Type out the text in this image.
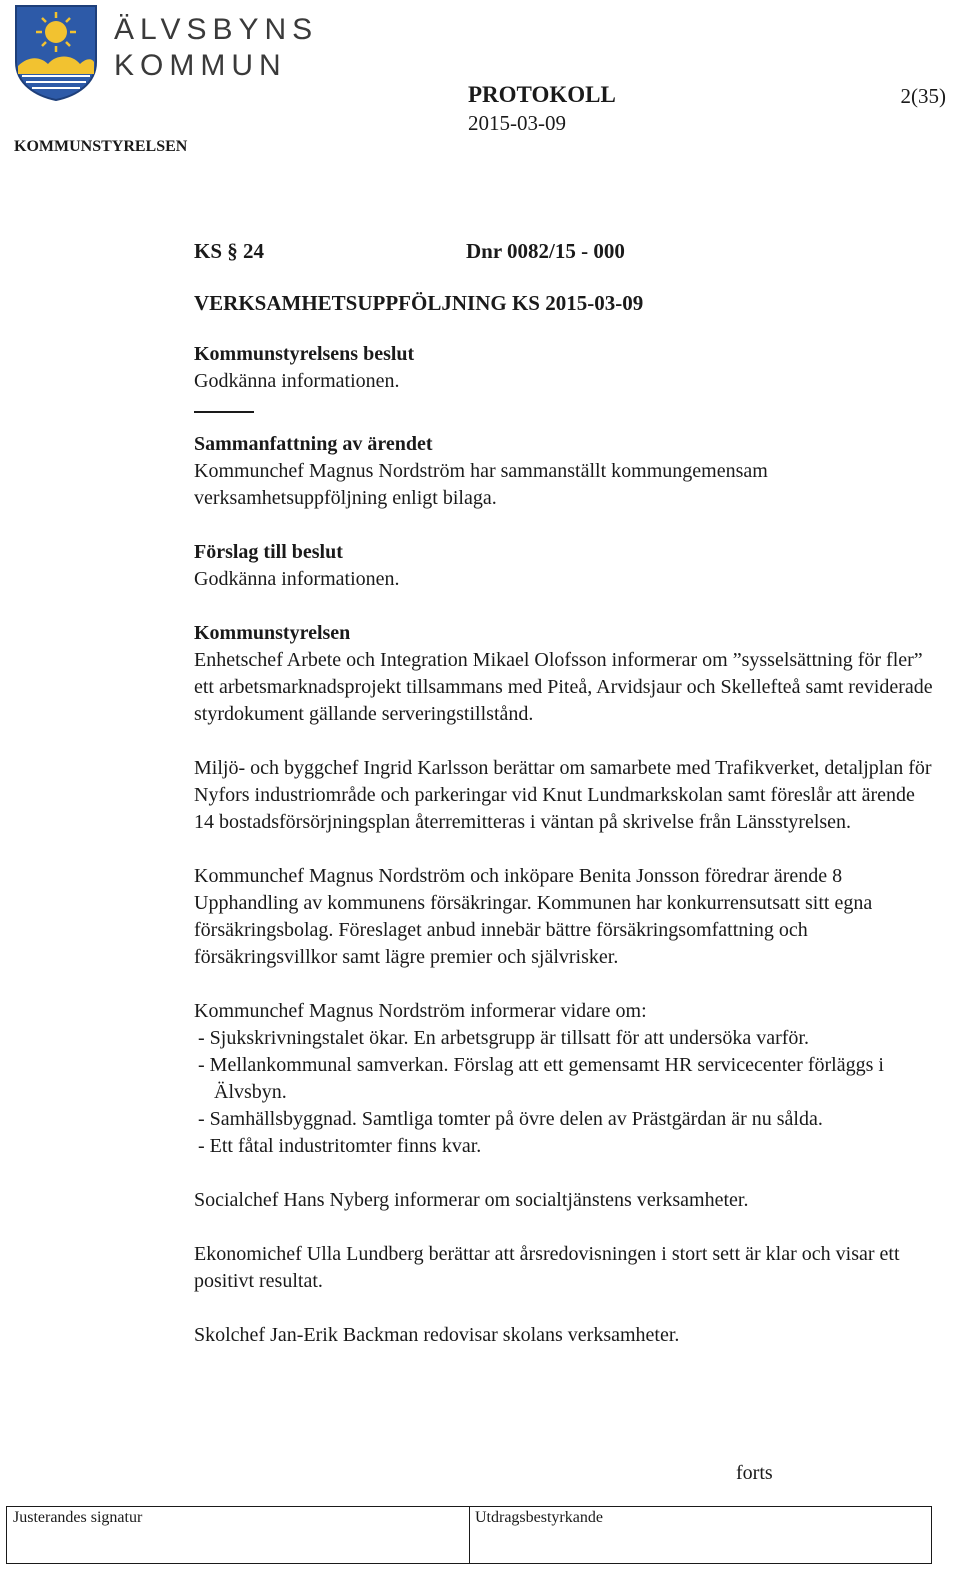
ÄLVSBYNS
KOMMUN
PROTOKOLL
2015-03-09
2(35)
KOMMUNSTYRELSEN
KS § 24	Dnr 0082/15 - 000
VERKSAMHETSUPPFÖLJNING KS 2015-03-09
Kommunstyrelsens beslut
Godkänna informationen.
Sammanfattning av ärendet

Kommunchef Magnus Nordström har sammanställt kommungemensam verksamhetsuppföljning enligt bilaga.

Förslag till beslut
Godkänna informationen.
Kommunstyrelsen

Enhetschef Arbete och Integration Mikael Olofsson informerar om ”sysselsättning för fler” ett arbetsmarknadsprojekt tillsammans med Piteå, Arvidsjaur och Skellefteå samt reviderade styrdokument gällande serveringstillstånd.

Miljö- och byggchef Ingrid Karlsson berättar om samarbete med Trafikverket, detaljplan för Nyfors industriområde och parkeringar vid Knut Lundmarkskolan samt föreslår att ärende 14 bostadsförsörjningsplan återremitteras i väntan på skrivelse från Länsstyrelsen.

Kommunchef Magnus Nordström och inköpare Benita Jonsson föredrar ärende 8 Upphandling av kommunens försäkringar. Kommunen har konkurrensutsatt sitt egna försäkringsbolag. Föreslaget anbud innebär bättre försäkringsomfattning och försäkringsvillkor samt lägre premier och självrisker.

Kommunchef Magnus Nordström informerar vidare om:

- Sjukskrivningstalet ökar. En arbetsgrupp är tillsatt för att undersöka varför.
- Mellankommunal samverkan. Förslag att ett gemensamt HR servicecenter förläggs i Älvsbyn.
- Samhällsbyggnad. Samtliga tomter på övre delen av Prästgärdan är nu sålda.
- Ett fåtal industritomter finns kvar.

Socialchef Hans Nyberg informerar om socialtjänstens verksamheter.

Ekonomichef Ulla Lundberg berättar att årsredovisningen i stort sett är klar och visar ett positivt resultat.

Skolchef Jan-Erik Backman redovisar skolans verksamheter.

forts
Justerandes signatur	Utdragsbestyrkande
